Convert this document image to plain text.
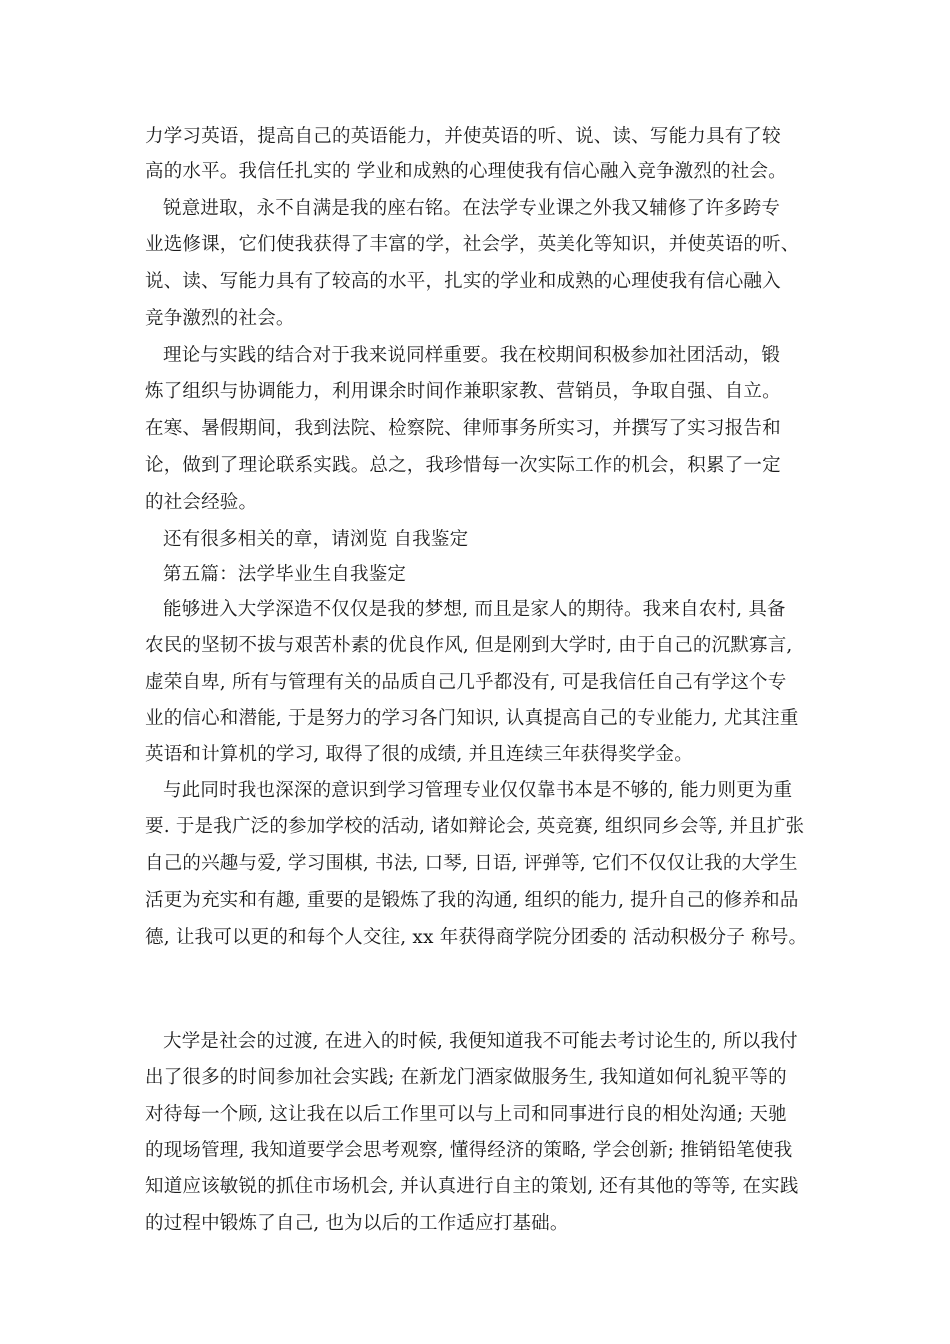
力学习英语，提高自己的英语能力，并使英语的听、说、读、写能力具有了较
高的水平。我信任扎实的 学业和成熟的心理使我有信心融入竞争激烈的社会。
锐意进取，永不自满是我的座右铭。在法学专业课之外我又辅修了许多跨专
业选修课，它们使我获得了丰富的学，社会学，英美化等知识，并使英语的听、
说、读、写能力具有了较高的水平，扎实的学业和成熟的心理使我有信心融入
竞争激烈的社会。
理论与实践的结合对于我来说同样重要。我在校期间积极参加社团活动，锻
炼了组织与协调能力，利用课余时间作兼职家教、营销员，争取自强、自立。
在寒、暑假期间，我到法院、检察院、律师事务所实习，并撰写了实习报告和
论，做到了理论联系实践。总之，我珍惜每一次实际工作的机会，积累了一定
的社会经验。
还有很多相关的章，请浏览 自我鉴定
第五篇：法学毕业生自我鉴定
能够进入大学深造不仅仅是我的梦想, 而且是家人的期待。我来自农村, 具备
农民的坚韧不拔与艰苦朴素的优良作风, 但是刚到大学时, 由于自己的沉默寡言,
虚荣自卑, 所有与管理有关的品质自己几乎都没有, 可是我信任自己有学这个专
业的信心和潜能, 于是努力的学习各门知识, 认真提高自己的专业能力, 尤其注重
英语和计算机的学习, 取得了很的成绩, 并且连续三年获得奖学金。
与此同时我也深深的意识到学习管理专业仅仅靠书本是不够的, 能力则更为重
要. 于是我广泛的参加学校的活动, 诸如辩论会, 英竞赛, 组织同乡会等, 并且扩张
自己的兴趣与爱, 学习围棋, 书法, 口琴, 日语, 评弹等, 它们不仅仅让我的大学生
活更为充实和有趣, 重要的是锻炼了我的沟通, 组织的能力, 提升自己的修养和品
德, 让我可以更的和每个人交往, xx 年获得商学院分团委的 活动积极分子 称号。
大学是社会的过渡, 在进入的时候, 我便知道我不可能去考讨论生的, 所以我付
出了很多的时间参加社会实践; 在新龙门酒家做服务生, 我知道如何礼貌平等的
对待每一个顾, 这让我在以后工作里可以与上司和同事进行良的相处沟通; 天驰
的现场管理, 我知道要学会思考观察, 懂得经济的策略, 学会创新; 推销铅笔使我
知道应该敏锐的抓住市场机会, 并认真进行自主的策划, 还有其他的等等, 在实践
的过程中锻炼了自己, 也为以后的工作适应打基础。
